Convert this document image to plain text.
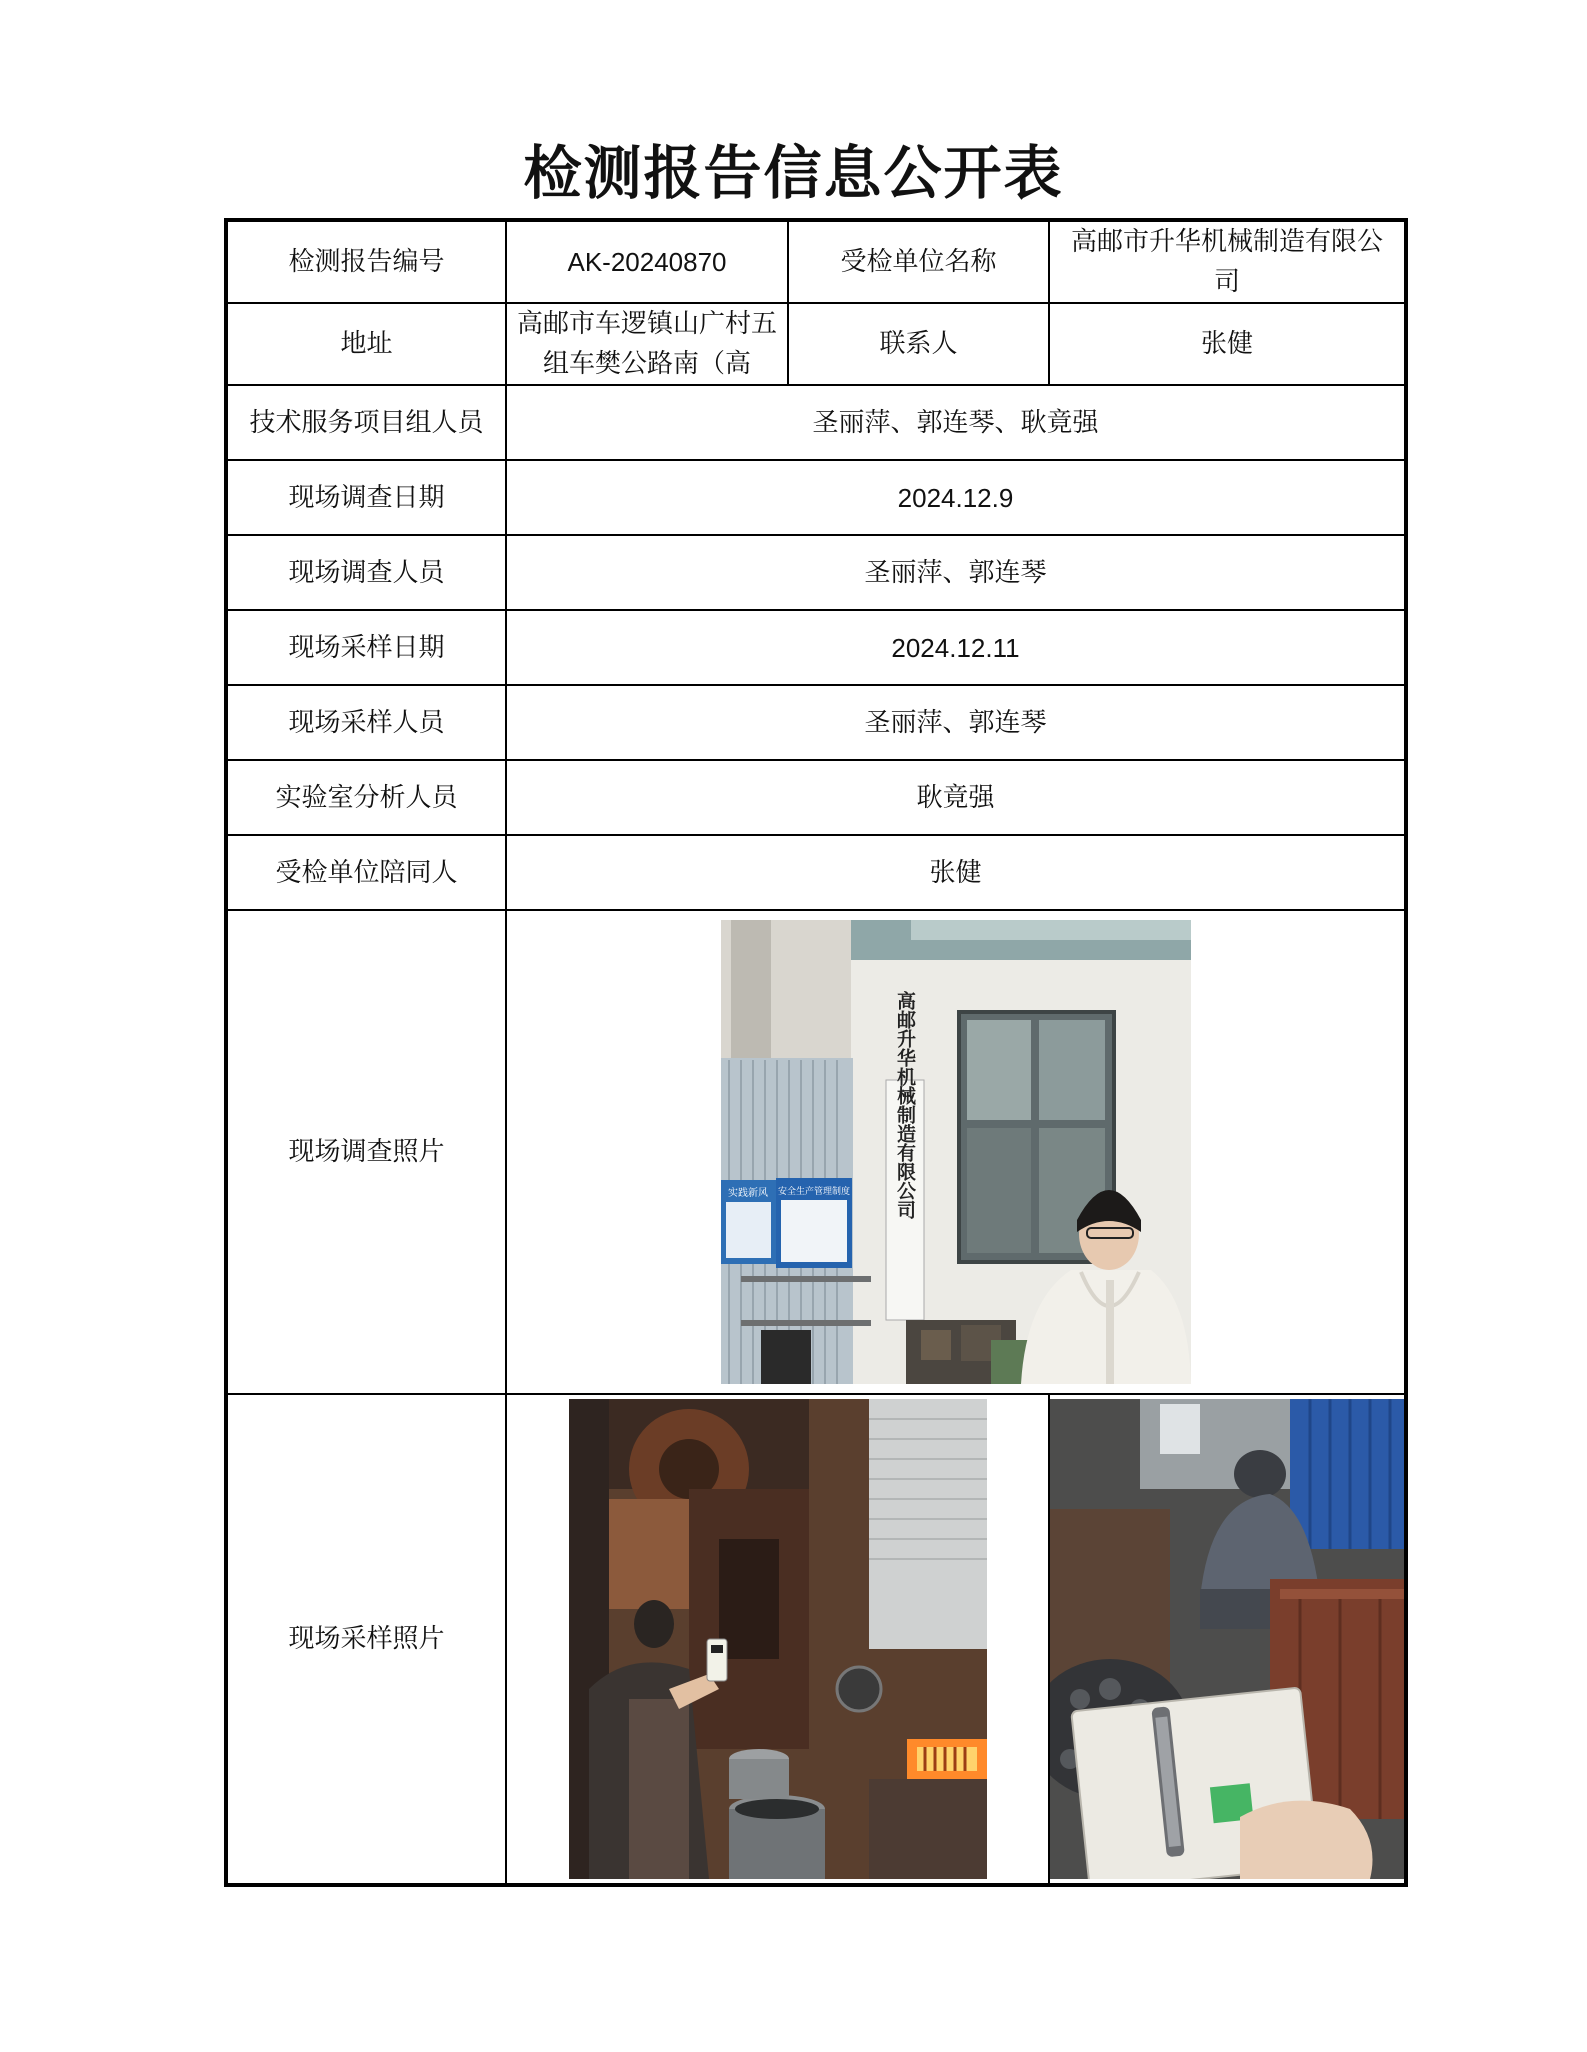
检测报告信息公开表
检测报告编号	AK-20240870	受检单位名称	高邮市升华机械制造有限公司

地址	高邮市车逻镇山广村五组车樊公路南（高	联系人	张健
技术服务项目组人员	圣丽萍、郭连琴、耿竟强		
现场调查日期	2024.12.9		
现场调查人员	圣丽萍、郭连琴		
现场采样日期	2024.12.11		
现场采样人员	圣丽萍、郭连琴		
实验室分析人员	耿竟强		
受检单位陪同人	张健		
现场调查照片	实践新风 安全生产管理制度 高邮升华机械制造有限公司		

现场采样照片	
